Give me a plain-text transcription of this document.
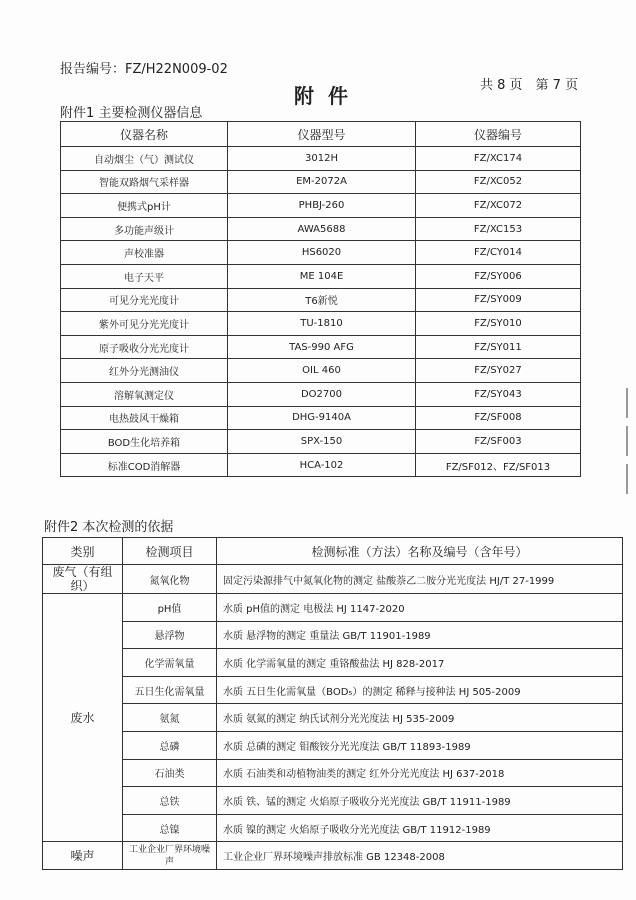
报告编号：FZ/H22N009-02
附件	共 8 页　第 7 页
附件1 主要检测仪器信息
仪器名称	仪器型号	仪器编号
自动烟尘（气）测试仪	3012H	FZ/XC174
智能双路烟气采样器	EM-2072A	FZ/XC052
便携式pH计	PHBJ-260	FZ/XC072
多功能声级计	AWA5688	FZ/XC153
声校准器	HS6020	FZ/CY014
电子天平	ME 104E	FZ/SY006
可见分光光度计	T6新悦	FZ/SY009
紫外可见分光光度计	TU-1810	FZ/SY010
原子吸收分光光度计	TAS-990 AFG	FZ/SY011
红外分光测油仪	OIL 460	FZ/SY027
溶解氧测定仪	DO2700	FZ/SY043
电热鼓风干燥箱	DHG-9140A	FZ/SF008
BOD生化培养箱	SPX-150	FZ/SF003
标准COD消解器	HCA-102	FZ/SF012、FZ/SF013
附件2 本次检测的依据
类别	检测项目	检测标准（方法）名称及编号（含年号）
废气（有组织）	氮氧化物	固定污染源排气中氮氧化物的测定 盐酸萘乙二胺分光光度法 HJ/T 27-1999
废水	pH值	水质 pH值的测定 电极法 HJ 1147-2020
	悬浮物	水质 悬浮物的测定 重量法 GB/T 11901-1989
	化学需氧量	水质 化学需氧量的测定 重铬酸盐法 HJ 828-2017
	五日生化需氧量	水质 五日生化需氧量（BOD₅）的测定 稀释与接种法 HJ 505-2009
	氨氮	水质 氨氮的测定 纳氏试剂分光光度法 HJ 535-2009
	总磷	水质 总磷的测定 钼酸铵分光光度法 GB/T 11893-1989
	石油类	水质 石油类和动植物油类的测定 红外分光光度法 HJ 637-2018
	总铁	水质 铁、锰的测定 火焰原子吸收分光光度法 GB/T 11911-1989
	总镍	水质 镍的测定 火焰原子吸收分光光度法 GB/T 11912-1989
噪声	工业企业厂界环境噪声	工业企业厂界环境噪声排放标准 GB 12348-2008
